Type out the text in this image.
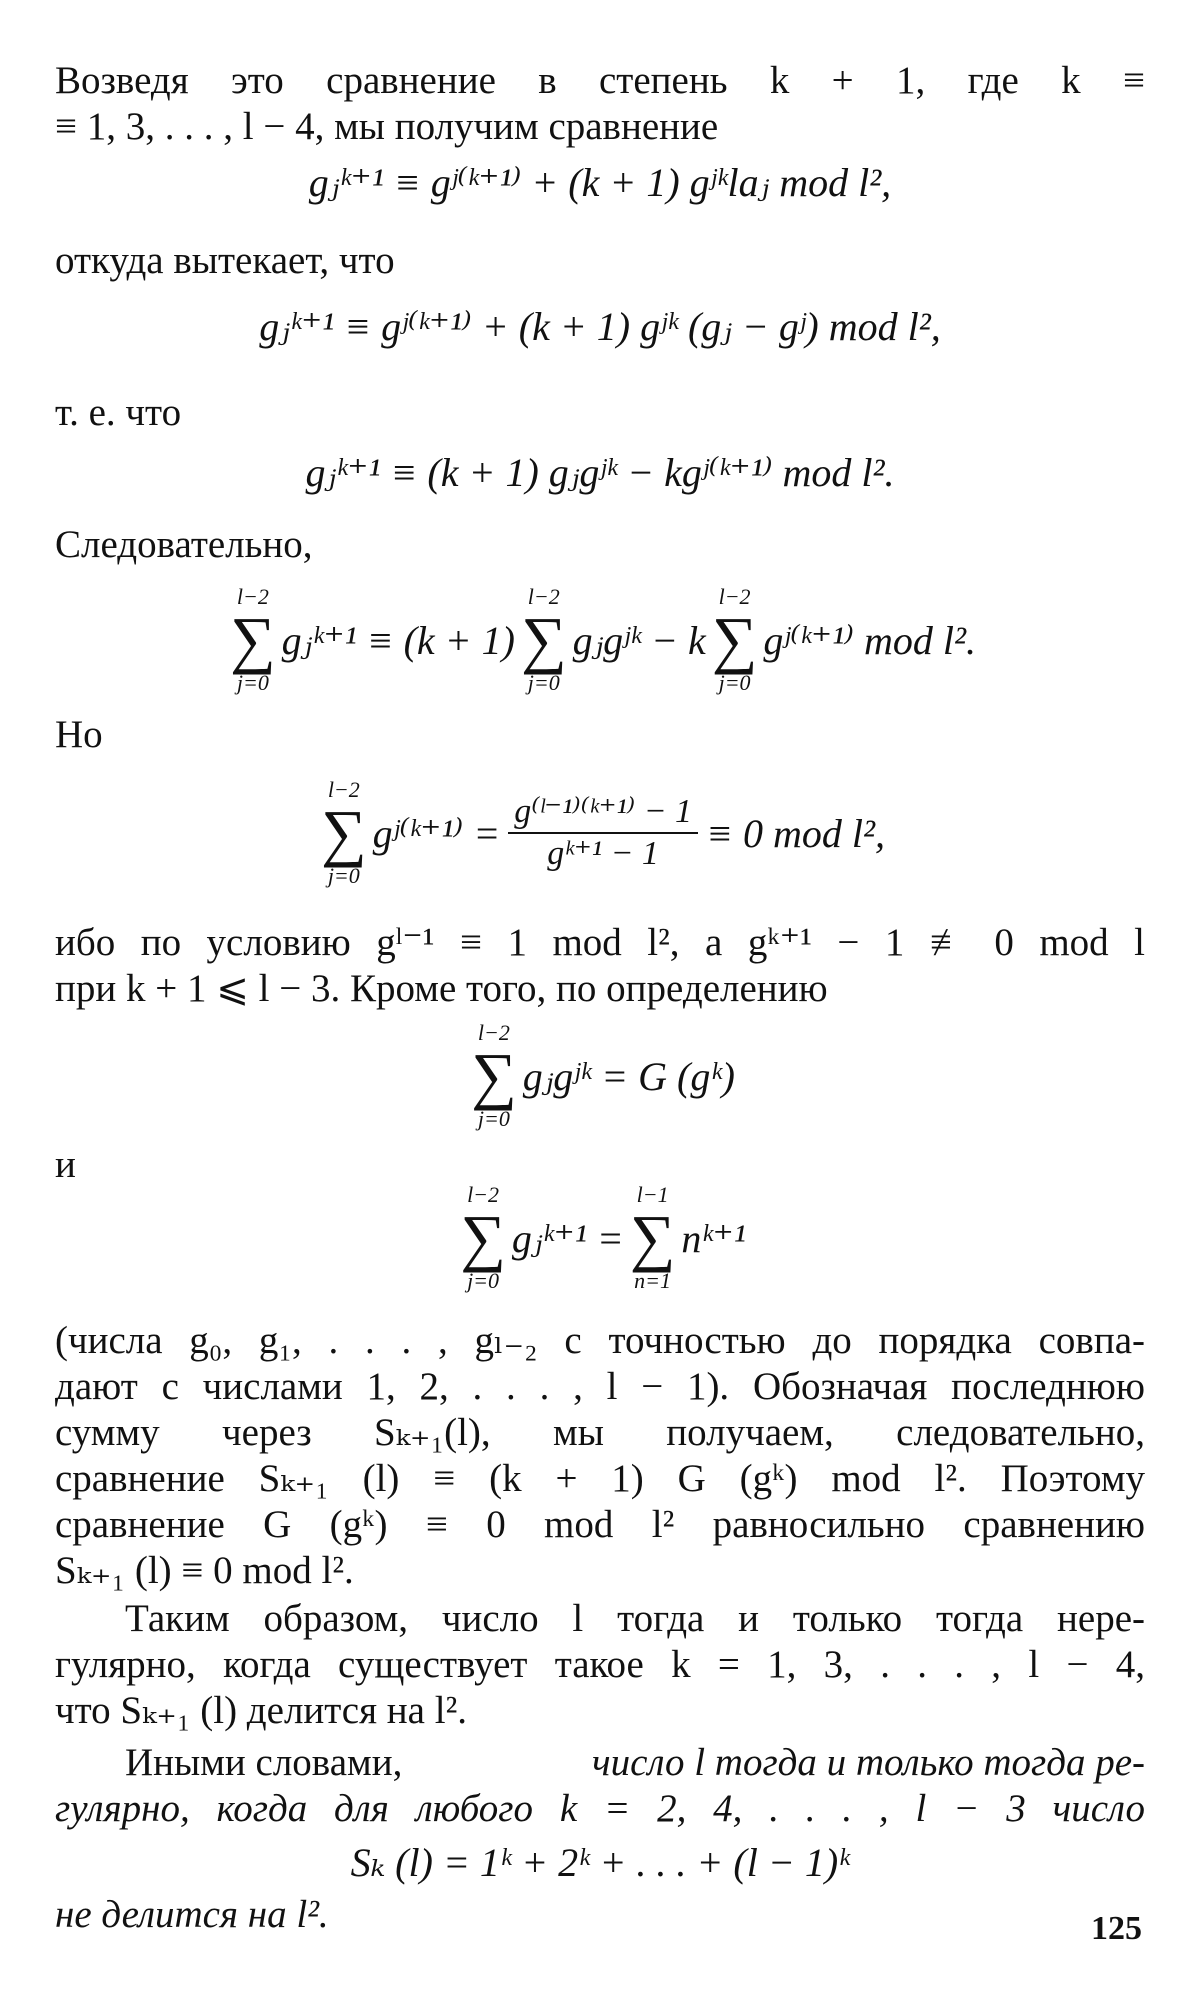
Возведя это сравнение в степень k + 1, где k ≡
≡ 1, 3, . . . , l − 4, мы получим сравнение
gⱼᵏ⁺¹ ≡ gʲ⁽ᵏ⁺¹⁾ + (k + 1) gʲᵏlaⱼ mod l²,
откуда вытекает, что
gⱼᵏ⁺¹ ≡ gʲ⁽ᵏ⁺¹⁾ + (k + 1) gʲᵏ (gⱼ − gʲ) mod l²,
т. е. что
gⱼᵏ⁺¹ ≡ (k + 1) gⱼgʲᵏ − kgʲ⁽ᵏ⁺¹⁾ mod l².
Следовательно,
l−2
∑
j=0
gⱼᵏ⁺¹ ≡ (k + 1)
l−2
∑
j=0
gⱼgʲᵏ − k
l−2
∑
j=0
gʲ⁽ᵏ⁺¹⁾ mod l².
Но
l−2
∑
j=0
gʲ⁽ᵏ⁺¹⁾ = $\frac{\text{g⁽ˡ⁻¹⁾⁽ᵏ⁺¹⁾ − 1}}{\text{gᵏ⁺¹ − 1}} \equiv 0$ mod l²,
ибо по условию gˡ⁻¹ ≡ 1 mod l², а gᵏ⁺¹ − 1 ≢ 0 mod l
при k + 1 ⩽ l − 3. Кроме того, по определению
l−2
∑
j=0
gⱼgʲᵏ = G (gᵏ)
и
l−2
∑
j=0
gⱼᵏ⁺¹ =
l−1
∑
n=1
nᵏ⁺¹
(числа g₀, g₁, . . . , gₗ₋₂ с точностью до порядка совпа-
дают с числами 1, 2, . . . , l − 1). Обозначая последнюю
сумму через Sₖ₊₁(l), мы получаем, следовательно,
сравнение Sₖ₊₁ (l) ≡ (k + 1) G (gᵏ) mod l². Поэтому
сравнение G (gᵏ) ≡ 0 mod l² равносильно сравнению
Sₖ₊₁ (l) ≡ 0 mod l².
Таким образом, число l тогда и только тогда нере-
гулярно, когда существует такое k = 1, 3, . . . , l − 4,
что Sₖ₊₁ (l) делится на l².
Иными словами,	число l тогда и только тогда ре-
гулярно, когда для любого k = 2, 4, . . . , l − 3 число
Sₖ (l) = 1ᵏ + 2ᵏ + . . . + (l − 1)ᵏ
не делится на l².	125
